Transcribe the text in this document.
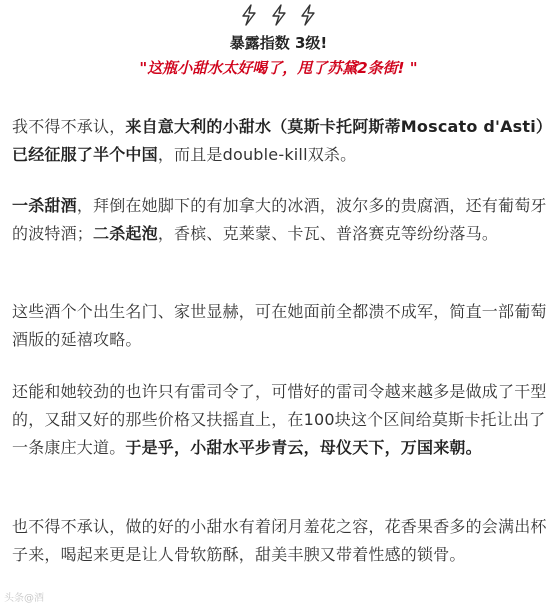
暴露指数 3级!
"这瓶小甜水太好喝了，甩了苏黛2条街! "
我不得不承认，来自意大利的小甜水（莫斯卡托阿斯蒂Moscato d'Asti）已经征服了半个中国，而且是double-kill双杀。
一杀甜酒，拜倒在她脚下的有加拿大的冰酒，波尔多的贵腐酒，还有葡萄牙的波特酒；二杀起泡，香槟、克莱蒙、卡瓦、普洛赛克等纷纷落马。
这些酒个个出生名门、家世显赫，可在她面前全都溃不成军，简直一部葡萄酒版的延禧攻略。
还能和她较劲的也许只有雷司令了，可惜好的雷司令越来越多是做成了干型的，又甜又好的那些价格又扶摇直上，在100块这个区间给莫斯卡托让出了一条康庄大道。于是乎，小甜水平步青云，母仪天下，万国来朝。
也不得不承认，做的好的小甜水有着闭月羞花之容，花香果香多的会满出杯子来，喝起来更是让人骨软筋酥，甜美丰腴又带着性感的锁骨。
头条@酒
